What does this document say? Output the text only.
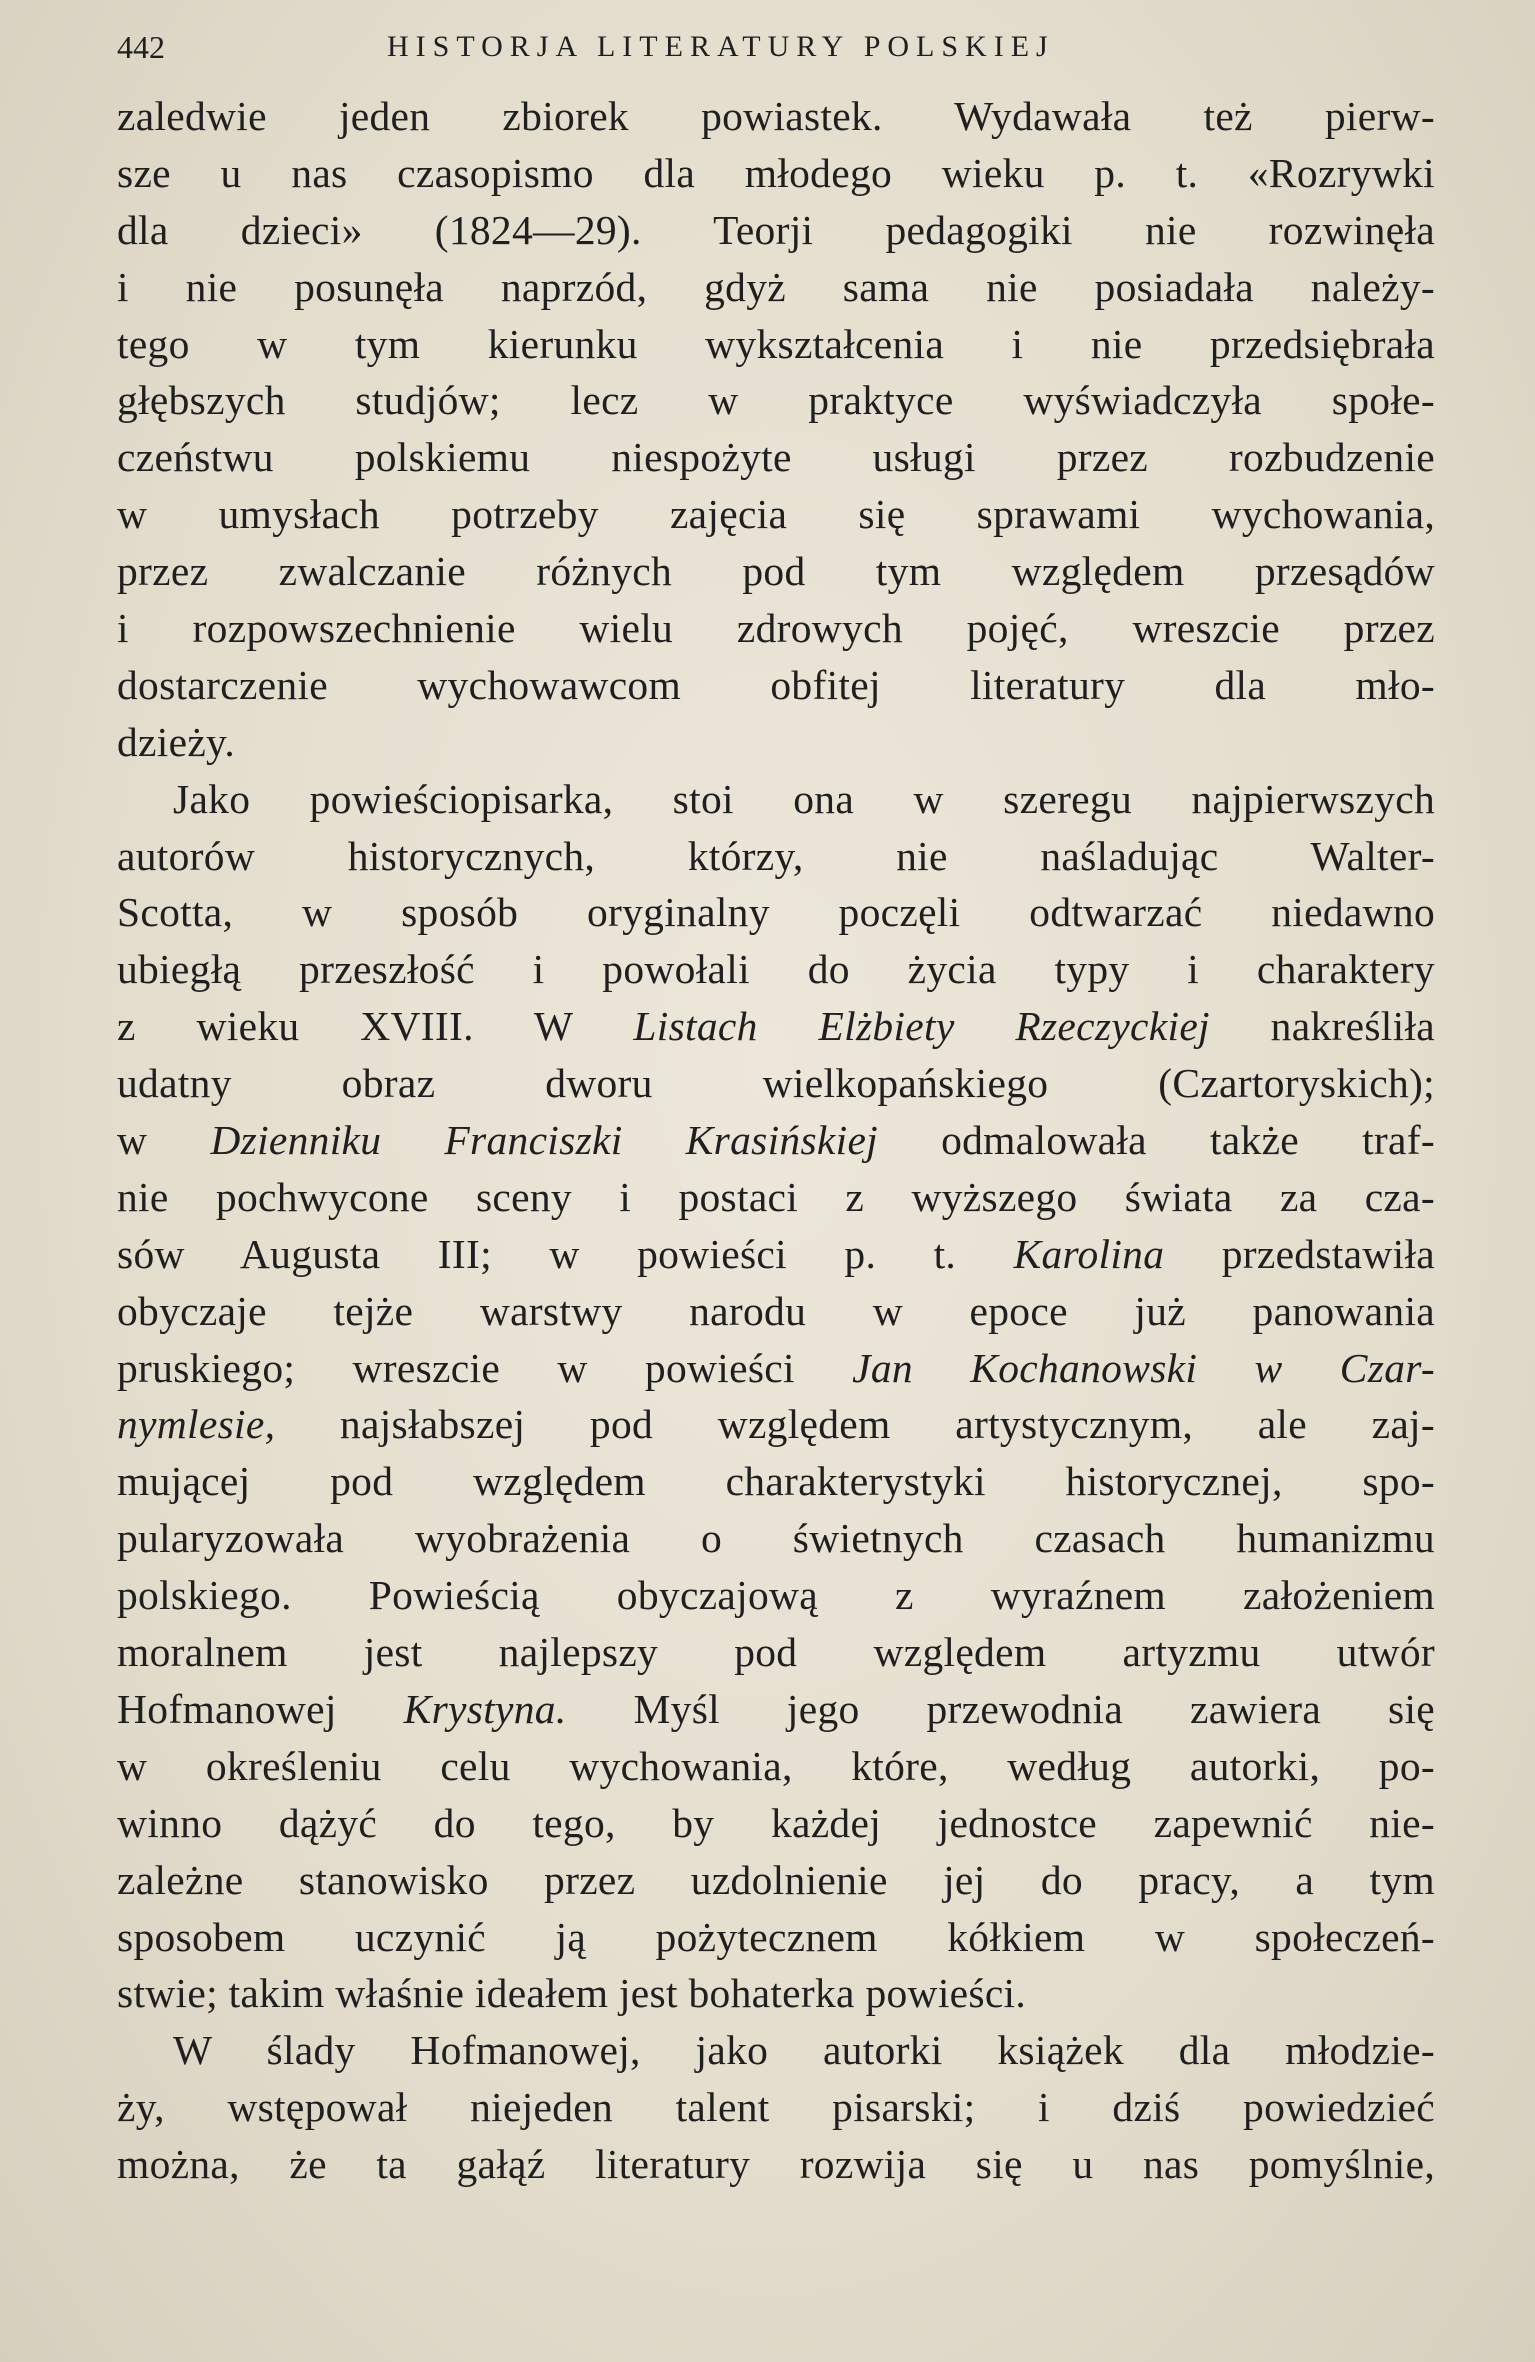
442	HISTORJA LITERATURY POLSKIEJ
zaledwie jeden zbiorek powiastek. Wydawała też pierw-
sze u nas czasopismo dla młodego wieku p. t. «Rozrywki
dla dzieci» (1824—29). Teorji pedagogiki nie rozwinęła
i nie posunęła naprzód, gdyż sama nie posiadała należy-
tego w tym kierunku wykształcenia i nie przedsiębrała
głębszych studjów; lecz w praktyce wyświadczyła społe-
czeństwu polskiemu niespożyte usługi przez rozbudzenie
w umysłach potrzeby zajęcia się sprawami wychowania,
przez zwalczanie różnych pod tym względem przesądów
i rozpowszechnienie wielu zdrowych pojęć, wreszcie przez
dostarczenie wychowawcom obfitej literatury dla mło-
dzieży.
Jako powieściopisarka, stoi ona w szeregu najpierwszych
autorów historycznych, którzy, nie naśladując Walter-
Scotta, w sposób oryginalny poczęli odtwarzać niedawno
ubiegłą przeszłość i powołali do życia typy i charaktery
z wieku XVIII. W Listach Elżbiety Rzeczyckiej nakreśliła
udatny obraz dworu wielkopańskiego (Czartoryskich);
w Dzienniku Franciszki Krasińskiej odmalowała także traf-
nie pochwycone sceny i postaci z wyższego świata za cza-
sów Augusta III; w powieści p. t. Karolina przedstawiła
obyczaje tejże warstwy narodu w epoce już panowania
pruskiego; wreszcie w powieści Jan Kochanowski w Czar-
nymlesie, najsłabszej pod względem artystycznym, ale zaj-
mującej pod względem charakterystyki historycznej, spo-
pularyzowała wyobrażenia o świetnych czasach humanizmu
polskiego. Powieścią obyczajową z wyraźnem założeniem
moralnem jest najlepszy pod względem artyzmu utwór
Hofmanowej Krystyna. Myśl jego przewodnia zawiera się
w określeniu celu wychowania, które, według autorki, po-
winno dążyć do tego, by każdej jednostce zapewnić nie-
zależne stanowisko przez uzdolnienie jej do pracy, a tym
sposobem uczynić ją pożytecznem kółkiem w społeczeń-
stwie; takim właśnie ideałem jest bohaterka powieści.
W ślady Hofmanowej, jako autorki książek dla młodzie-
ży, wstępował niejeden talent pisarski; i dziś powiedzieć
można, że ta gałąź literatury rozwija się u nas pomyślnie,
